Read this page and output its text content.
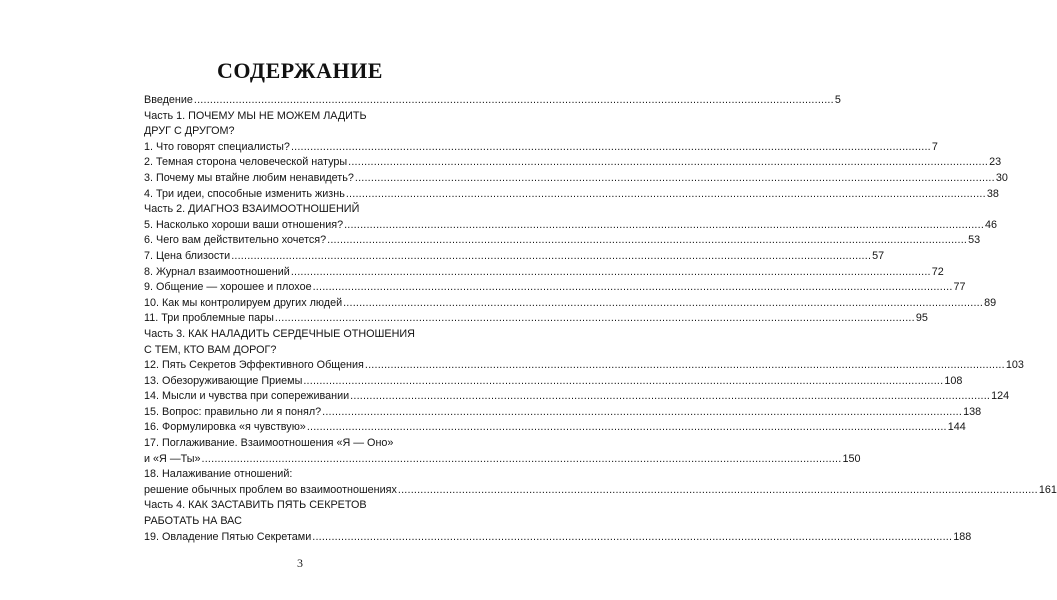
СОДЕРЖАНИЕ
Введение ........................................................................................................................................................................................................ 5
Часть 1. ПОЧЕМУ МЫ НЕ МОЖЕМ ЛАДИТЬ
ДРУГ С ДРУГОМ?
1. Что говорят специалисты? ........................................................................................................................................................................................................ 7
2. Темная сторона человеческой натуры ........................................................................................................................................................................................................ 23
3. Почему мы втайне любим ненавидеть? ........................................................................................................................................................................................................ 30
4. Три идеи, способные изменить жизнь ........................................................................................................................................................................................................ 38
Часть 2. ДИАГНОЗ ВЗАИМООТНОШЕНИЙ
5. Насколько хороши ваши отношения? ........................................................................................................................................................................................................ 46
6. Чего вам действительно хочется? ........................................................................................................................................................................................................ 53
7. Цена близости ........................................................................................................................................................................................................ 57
8. Журнал взаимоотношений ........................................................................................................................................................................................................ 72
9. Общение — хорошее и плохое ........................................................................................................................................................................................................ 77
10. Как мы контролируем других людей ........................................................................................................................................................................................................ 89
11. Три проблемные пары ........................................................................................................................................................................................................ 95
Часть 3. КАК НАЛАДИТЬ СЕРДЕЧНЫЕ ОТНОШЕНИЯ
С ТЕМ, КТО ВАМ ДОРОГ?
12. Пять Секретов Эффективного Общения ........................................................................................................................................................................................................ 103
13. Обезоруживающие Приемы ........................................................................................................................................................................................................ 108
14. Мысли и чувства при сопереживании ........................................................................................................................................................................................................ 124
15. Вопрос: правильно ли я понял? ........................................................................................................................................................................................................ 138
16. Формулировка «я чувствую» ........................................................................................................................................................................................................ 144
17. Поглаживание. Взаимоотношения «Я — Оно»
и «Я —Ты» ........................................................................................................................................................................................................ 150
18. Налаживание отношений:
решение обычных проблем во взаимоотношениях ........................................................................................................................................................................................................ 161
Часть 4. КАК ЗАСТАВИТЬ ПЯТЬ СЕКРЕТОВ
РАБОТАТЬ НА ВАС
19. Овладение Пятью Секретами ........................................................................................................................................................................................................ 188
3
